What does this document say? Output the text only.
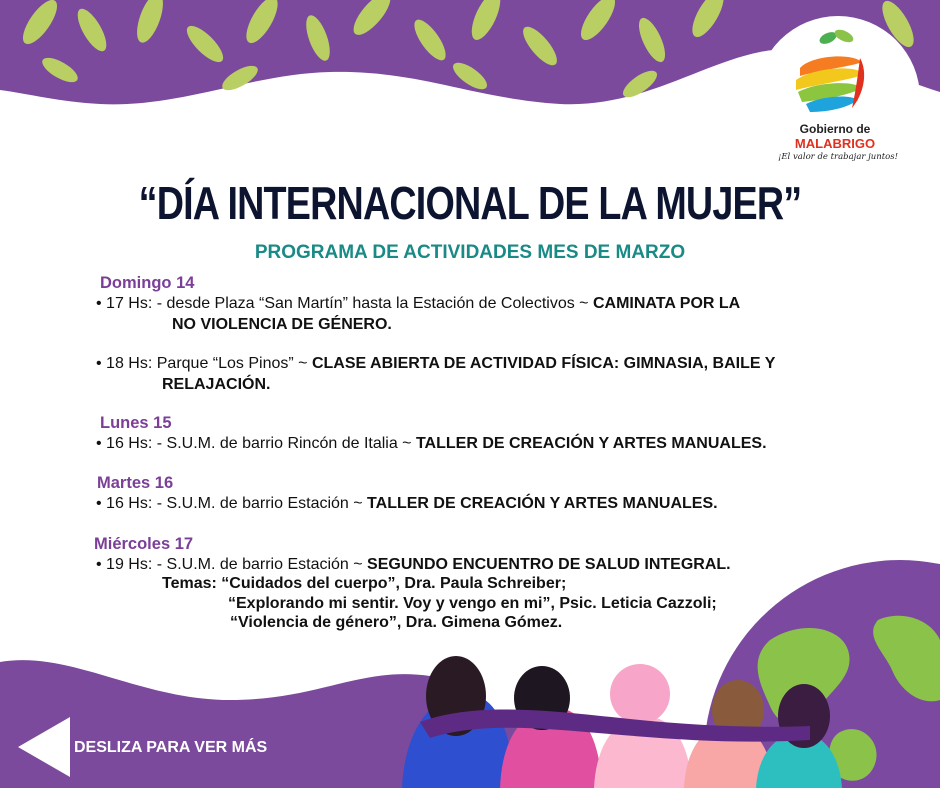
Gobierno de
MALABRIGO
¡El valor de trabajar juntos!
“DÍA INTERNACIONAL DE LA MUJER”
PROGRAMA DE ACTIVIDADES MES DE MARZO
Domingo 14
• 17 Hs: - desde Plaza “San Martín” hasta la Estación de Colectivos ~ CAMINATA POR LA
NO VIOLENCIA DE GÉNERO.
• 18 Hs: Parque “Los Pinos” ~ CLASE ABIERTA DE ACTIVIDAD FÍSICA: GIMNASIA, BAILE Y
RELAJACIÓN.
Lunes 15
• 16 Hs: - S.U.M. de barrio Rincón de Italia ~ TALLER DE CREACIÓN Y ARTES MANUALES.
Martes 16
• 16 Hs: - S.U.M. de barrio Estación ~ TALLER DE CREACIÓN Y ARTES MANUALES.
Miércoles 17
• 19 Hs: - S.U.M. de barrio Estación ~ SEGUNDO ENCUENTRO DE SALUD INTEGRAL.
Temas: “Cuidados del cuerpo”, Dra. Paula Schreiber;
“Explorando mi sentir. Voy y vengo en mi”, Psic. Leticia Cazzoli;
“Violencia de género”, Dra. Gimena Gómez.
DESLIZA PARA VER MÁS
